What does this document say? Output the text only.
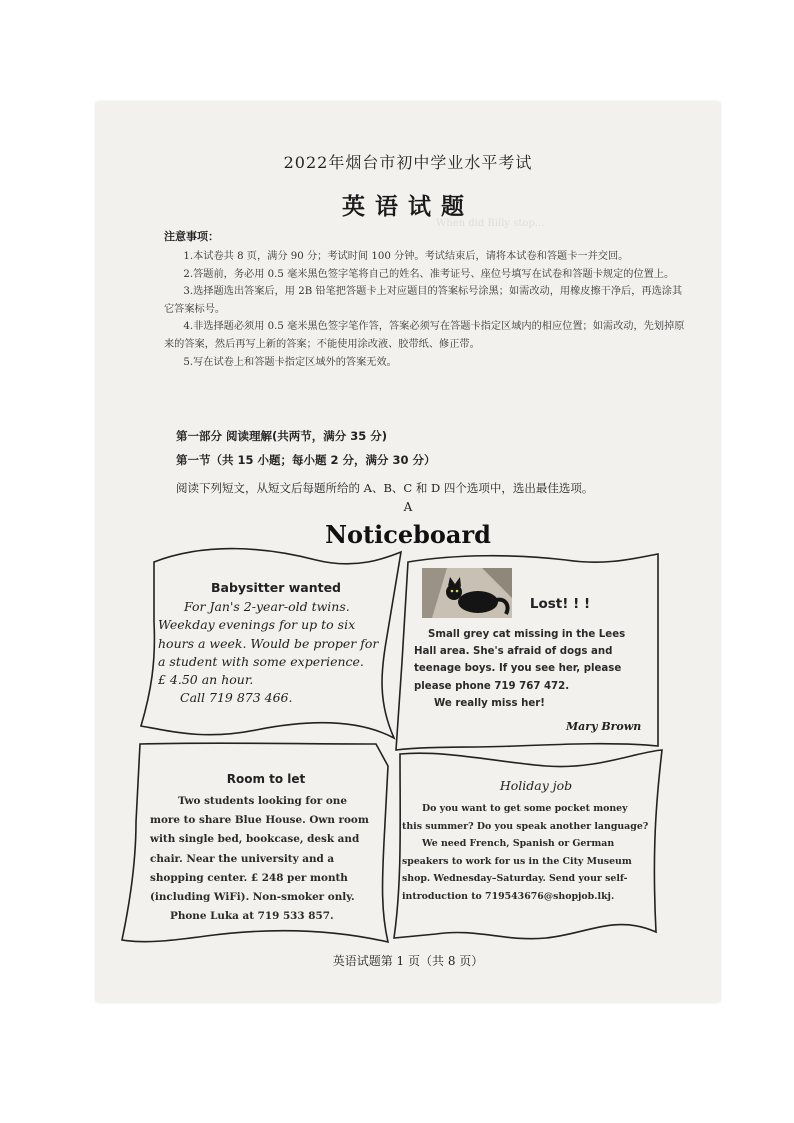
When did Billy stop...
2022年烟台市初中学业水平考试
英语试题
注意事项：

1.本试卷共 8 页，满分 90 分；考试时间 100 分钟。考试结束后，请将本试卷和答题卡一并交回。

2.答题前，务必用 0.5 毫米黑色签字笔将自己的姓名、准考证号、座位号填写在试卷和答题卡规定的位置上。

3.选择题选出答案后，用 2B 铅笔把答题卡上对应题目的答案标号涂黑；如需改动，用橡皮擦干净后，再选涂其它答案标号。

4.非选择题必须用 0.5 毫米黑色签字笔作答，答案必须写在答题卡指定区域内的相应位置；如需改动，先划掉原来的答案，然后再写上新的答案；不能使用涂改液、胶带纸、修正带。

5.写在试卷上和答题卡指定区域外的答案无效。

第一部分 阅读理解(共两节，满分 35 分)
第一节（共 15 小题；每小题 2 分，满分 30 分）
阅读下列短文，从短文后每题所给的 A、B、C 和 D 四个选项中，选出最佳选项。
A
Noticeboard
Babysitter wanted
For Jan's 2-year-old twins.
Weekday evenings for up to six
hours a week. Would be proper for
a student with some experience.
£ 4.50 an hour.
Call 719 873 466.
Lost! ! !
Small grey cat missing in the Lees
Hall area. She's afraid of dogs and
teenage boys. If you see her, please
please phone 719 767 472.
We really miss her!
Mary Brown
Room to let
Two students looking for one
more to share Blue House. Own room
with single bed, bookcase, desk and
chair. Near the university and a
shopping center. £ 248 per month
(including WiFi). Non-smoker only.
Phone Luka at 719 533 857.
Holiday job
Do you want to get some pocket money
this summer? Do you speak another language?
We need French, Spanish or German
speakers to work for us in the City Museum
shop. Wednesday–Saturday. Send your self-
introduction to 719543676@shopjob.lkj.
英语试题第 1 页（共 8 页）
